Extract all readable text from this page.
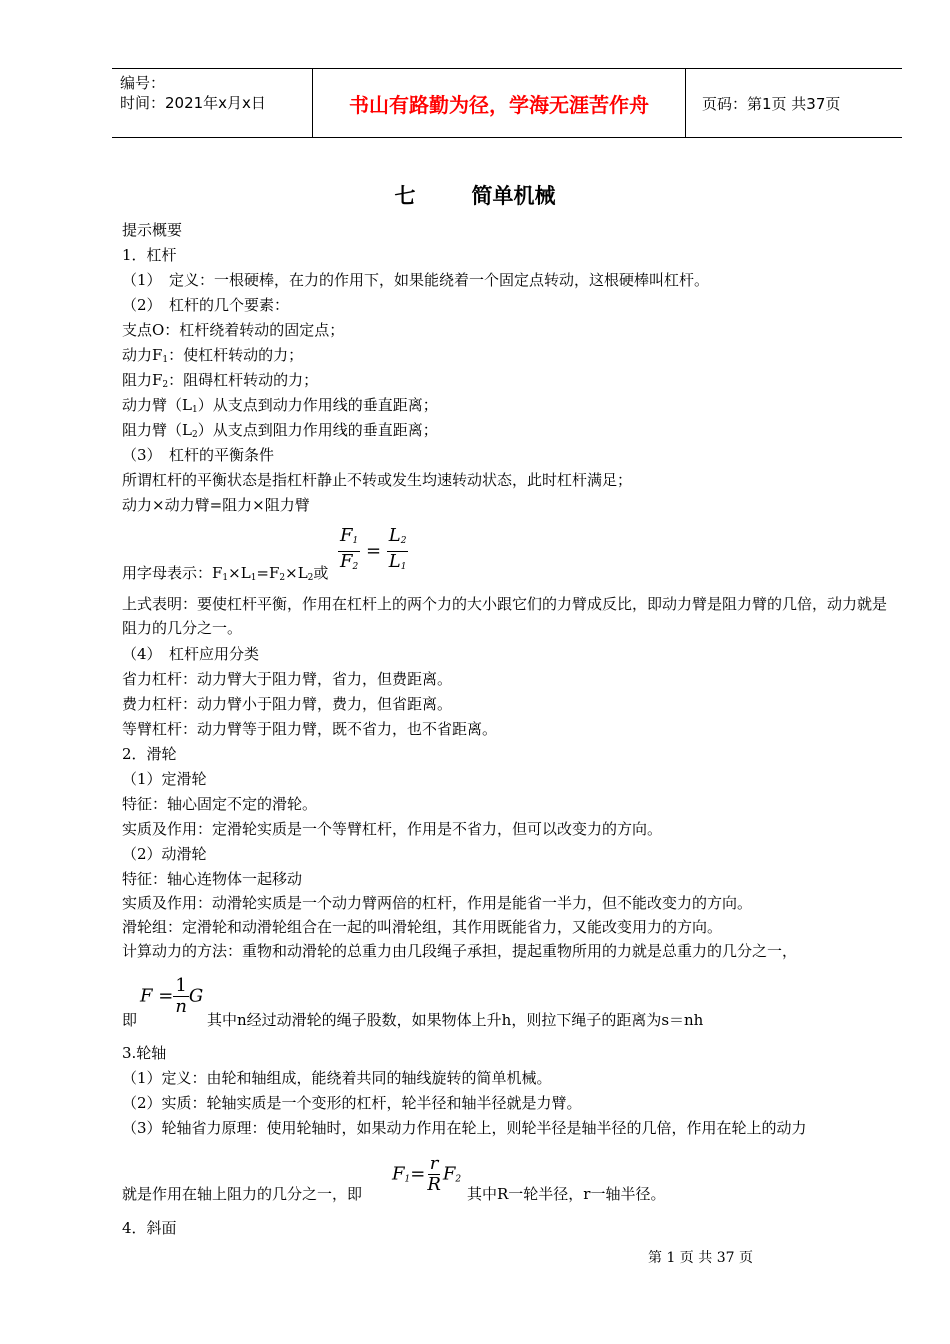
编号：
时间：2021年x月x日	书山有路勤为径，学海无涯苦作舟	页码：第1页 共37页
七	简单机械
提示概要
1．杠杆
（1）　定义：一根硬棒，在力的作用下，如果能绕着一个固定点转动，这根硬棒叫杠杆。
（2）　杠杆的几个要素：
支点O：杠杆绕着转动的固定点；
动力$F_1$：使杠杆转动的力；
阻力$F_2$：阻碍杠杆转动的力；
动力臂$(L_1)$从支点到动力作用线的垂直距离；
阻力臂$(L_2)$从支点到阻力作用线的垂直距离；
（3）　杠杆的平衡条件
所谓杠杆的平衡状态是指杠杆静止不转或发生均速转动状态，此时杠杆满足；
动力×动力臂=阻力×阻力臂
用字母表示：$F_1\times L_1=F_2\times L_2$或 $\frac{F_1}{F_2} = \frac{L_2}{L_1}$
上式表明：要使杠杆平衡，作用在杠杆上的两个力的大小跟它们的力臂成反比，即动力臂是阻力臂的几倍，动力就是阻力的几分之一。
（4）　杠杆应用分类
省力杠杆：动力臂大于阻力臂，省力，但费距离。
费力杠杆：动力臂小于阻力臂，费力，但省距离。
等臂杠杆：动力臂等于阻力臂，既不省力，也不省距离。
2．滑轮
（1）定滑轮
特征：轴心固定不定的滑轮。
实质及作用：定滑轮实质是一个等臂杠杆，作用是不省力，但可以改变力的方向。
（2）动滑轮
特征：轴心连物体一起移动
实质及作用：动滑轮实质是一个动力臂两倍的杠杆，作用是能省一半力，但不能改变力的方向。
滑轮组：定滑轮和动滑轮组合在一起的叫滑轮组，其作用既能省力，又能改变用力的方向。
计算动力的方法：重物和动滑轮的总重力由几段绳子承担，提起重物所用的力就是总重力的几分之一，
即
$F = \frac{1}{n}$ G
其中n经过动滑轮的绳子股数，如果物体上升h，则拉下绳子的距离为s＝nh
3.轮轴
（1）定义：由轮和轴组成，能绕着共同的轴线旋转的简单机械。
（2）实质：轮轴实质是一个变形的杠杆，轮半径和轴半径就是力臂。
（3）轮轴省力原理：使用轮轴时，如果动力作用在轮上，则轮半径是轴半径的几倍，作用在轮上的动力
就是作用在轴上阻力的几分之一，即
$F_1= \frac{r}{R} F_2$
其中R一轮半径，r一轴半径。
4．斜面
第 1 页 共 37 页
